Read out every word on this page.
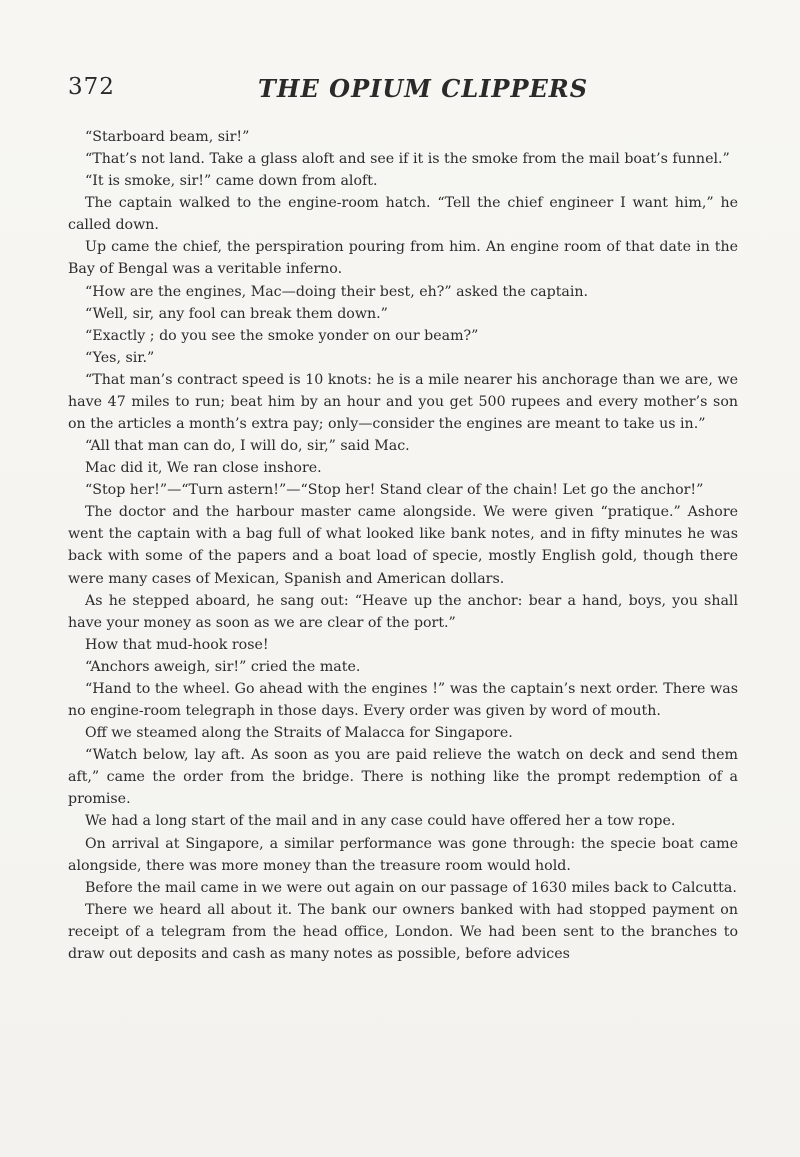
372	THE OPIUM CLIPPERS

“Starboard beam, sir!”

“That’s not land. Take a glass aloft and see if it is the smoke from the mail boat’s funnel.”

“It is smoke, sir!” came down from aloft.

The captain walked to the engine-room hatch. “Tell the chief engineer I want him,” he called down.

Up came the chief, the perspiration pouring from him. An engine room of that date in the Bay of Bengal was a veritable inferno.

“How are the engines, Mac—doing their best, eh?” asked the captain.

“Well, sir, any fool can break them down.”

“Exactly ; do you see the smoke yonder on our beam?”

“Yes, sir.”

“That man’s contract speed is 10 knots: he is a mile nearer his anchorage than we are, we have 47 miles to run; beat him by an hour and you get 500 rupees and every mother’s son on the articles a month’s extra pay; only—consider the engines are meant to take us in.”

“All that man can do, I will do, sir,” said Mac.

Mac did it, We ran close inshore.

“Stop her!”—“Turn astern!”—“Stop her! Stand clear of the chain! Let go the anchor!”

The doctor and the harbour master came alongside. We were given “pratique.” Ashore went the captain with a bag full of what looked like bank notes, and in fifty minutes he was back with some of the papers and a boat load of specie, mostly English gold, though there were many cases of Mexican, Spanish and American dollars.

As he stepped aboard, he sang out: “Heave up the anchor: bear a hand, boys, you shall have your money as soon as we are clear of the port.”

How that mud-hook rose!

“Anchors aweigh, sir!” cried the mate.

“Hand to the wheel. Go ahead with the engines !” was the captain’s next order. There was no engine-room telegraph in those days. Every order was given by word of mouth.

Off we steamed along the Straits of Malacca for Singapore.

“Watch below, lay aft. As soon as you are paid relieve the watch on deck and send them aft,” came the order from the bridge. There is nothing like the prompt redemption of a promise.

We had a long start of the mail and in any case could have offered her a tow rope.

On arrival at Singapore, a similar performance was gone through: the specie boat came alongside, there was more money than the treasure room would hold.

Before the mail came in we were out again on our passage of 1630 miles back to Calcutta.

There we heard all about it. The bank our owners banked with had stopped payment on receipt of a telegram from the head office, London. We had been sent to the branches to draw out deposits and cash as many notes as possible, before advices
